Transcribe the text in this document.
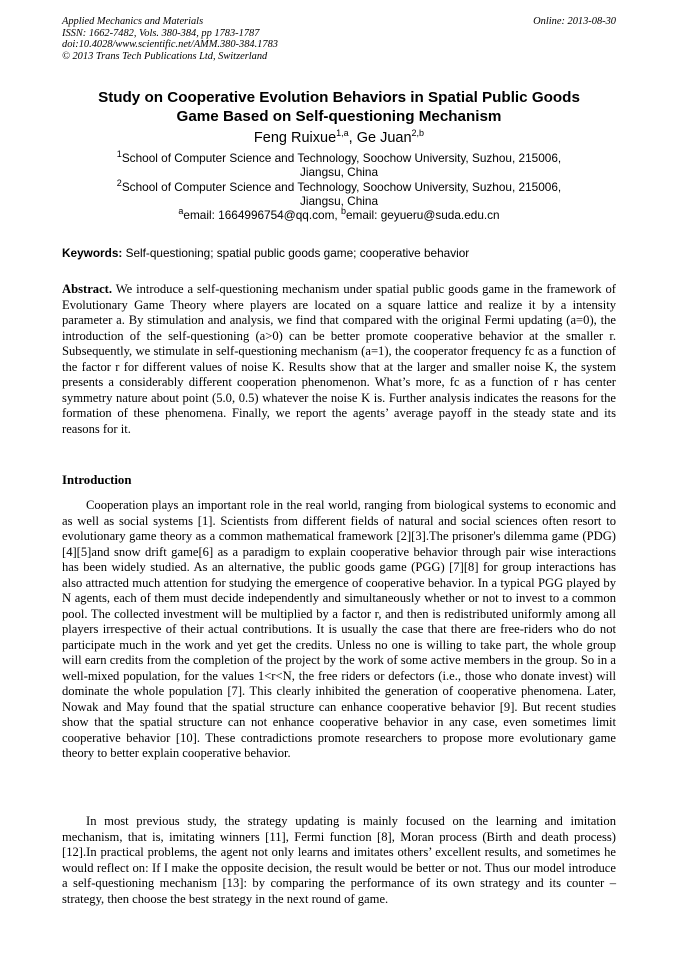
Applied Mechanics and Materials
ISSN: 1662-7482, Vols. 380-384, pp 1783-1787
doi:10.4028/www.scientific.net/AMM.380-384.1783
© 2013 Trans Tech Publications Ltd, Switzerland
Online: 2013-08-30
Study on Cooperative Evolution Behaviors in Spatial Public Goods
Game Based on Self-questioning Mechanism
Feng Ruixue$^{1,a}$, Ge Juan$^{2,b}$
$^1$School of Computer Science and Technology, Soochow University, Suzhou, 215006,
Jiangsu, China
$^2$School of Computer Science and Technology, Soochow University, Suzhou, 215006,
Jiangsu, China
$^a$email: 1664996754@qq.com, $^b$email: geyueru@suda.edu.cn
Keywords: Self-questioning; spatial public goods game; cooperative behavior
Abstract. We introduce a self-questioning mechanism under spatial public goods game in the framework of Evolutionary Game Theory where players are located on a square lattice and realize it by a intensity parameter a. By stimulation and analysis, we find that compared with the original Fermi updating (a=0), the introduction of the self-questioning (a>0) can be better promote cooperative behavior at the smaller r. Subsequently, we stimulate in self-questioning mechanism (a=1), the cooperator frequency fc as a function of the factor r for different values of noise K. Results show that at the larger and smaller noise K, the system presents a considerably different cooperation phenomenon. What’s more, fc as a function of r has center symmetry nature about point (5.0, 0.5) whatever the noise K is. Further analysis indicates the reasons for the formation of these phenomena. Finally, we report the agents’ average payoff in the steady state and its reasons for it.
Introduction
Cooperation plays an important role in the real world, ranging from biological systems to economic and as well as social systems [1]. Scientists from different fields of natural and social sciences often resort to evolutionary game theory as a common mathematical framework [2][3].The prisoner's dilemma game (PDG) [4][5]and snow drift game[6] as a paradigm to explain cooperative behavior through pair wise interactions has been widely studied. As an alternative, the public goods game (PGG) [7][8] for group interactions has also attracted much attention for studying the emergence of cooperative behavior. In a typical PGG played by N agents, each of them must decide independently and simultaneously whether or not to invest to a common pool. The collected investment will be multiplied by a factor r, and then is redistributed uniformly among all players irrespective of their actual contributions. It is usually the case that there are free-riders who do not participate much in the work and yet get the credits. Unless no one is willing to take part, the whole group will earn credits from the completion of the project by the work of some active members in the group. So in a well-mixed population, for the values 1<r<N, the free riders or defectors (i.e., those who donate invest) will dominate the whole population [7]. This clearly inhibited the generation of cooperative phenomena. Later, Nowak and May found that the spatial structure can enhance cooperative behavior [9]. But recent studies show that the spatial structure can not enhance cooperative behavior in any case, even sometimes limit cooperative behavior [10]. These contradictions promote researchers to propose more evolutionary game theory to better explain cooperative behavior.
In most previous study, the strategy updating is mainly focused on the learning and imitation mechanism, that is, imitating winners [11], Fermi function [8], Moran process (Birth and death process) [12].In practical problems, the agent not only learns and imitates others’ excellent results, and sometimes he would reflect on: If I make the opposite decision, the result would be better or not. Thus our model introduce a self-questioning mechanism [13]: by comparing the performance of its own strategy and its counter – strategy, then choose the best strategy in the next round of game.
